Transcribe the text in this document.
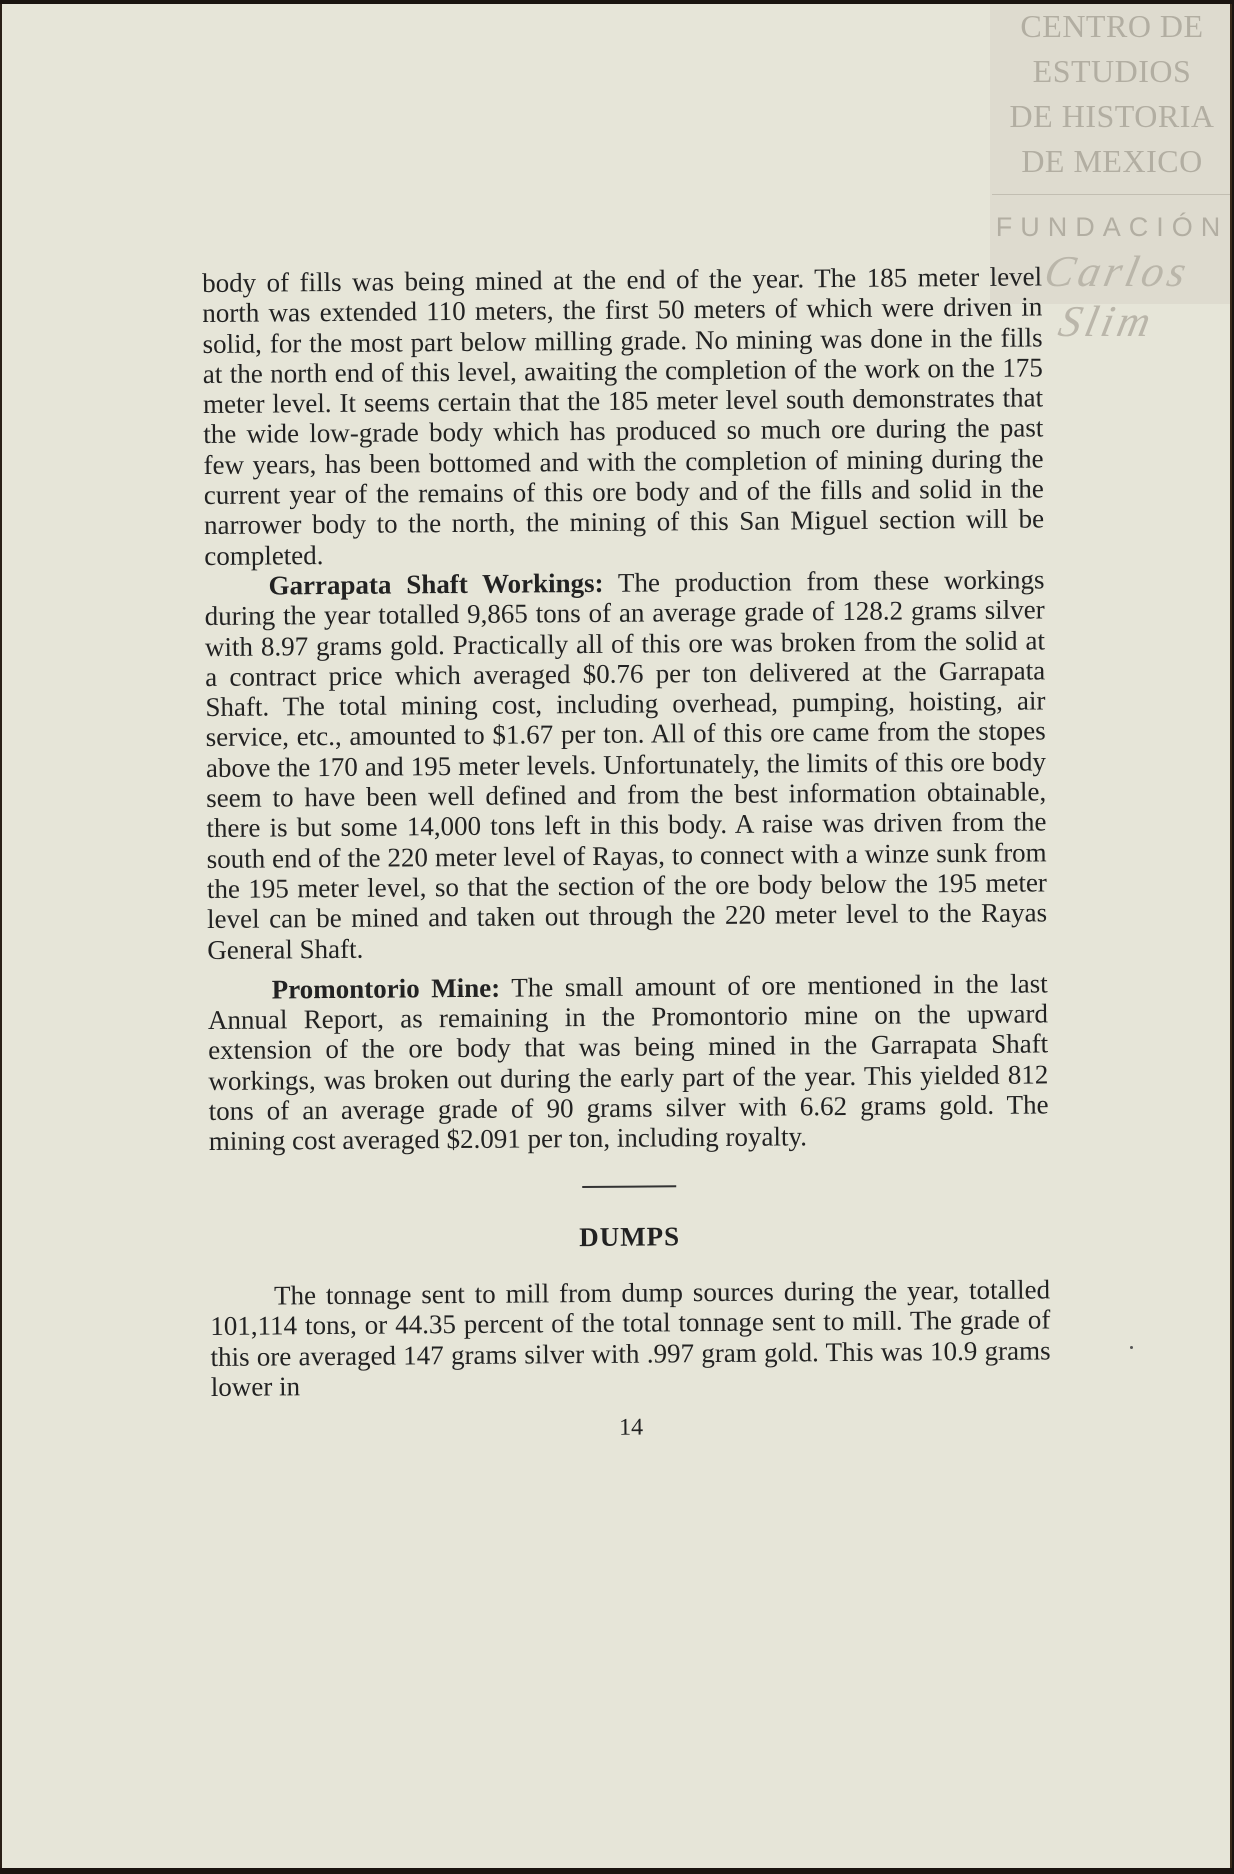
CENTRO DE
ESTUDIOS
DE HISTORIA
DE MEXICO
FUNDACIÓN
Carlos Slim

body of fills was being mined at the end of the year. The 185 meter level north was extended 110 meters, the first 50 meters of which were driven in solid, for the most part below milling grade. No mining was done in the fills at the north end of this level, awaiting the completion of the work on the 175 meter level. It seems certain that the 185 meter level south demonstrates that the wide low-grade body which has produced so much ore during the past few years, has been bottomed and with the completion of mining during the current year of the remains of this ore body and of the fills and solid in the narrower body to the north, the mining of this San Miguel section will be completed.

Garrapata Shaft Workings: The production from these workings during the year totalled 9,865 tons of an average grade of 128.2 grams silver with 8.97 grams gold. Practically all of this ore was broken from the solid at a contract price which averaged $0.76 per ton delivered at the Garrapata Shaft. The total mining cost, including overhead, pumping, hoisting, air service, etc., amounted to $1.67 per ton. All of this ore came from the stopes above the 170 and 195 meter levels. Unfortunately, the limits of this ore body seem to have been well defined and from the best information obtainable, there is but some 14,000 tons left in this body. A raise was driven from the south end of the 220 meter level of Rayas, to connect with a winze sunk from the 195 meter level, so that the section of the ore body below the 195 meter level can be mined and taken out through the 220 meter level to the Rayas General Shaft.

Promontorio Mine: The small amount of ore mentioned in the last Annual Report, as remaining in the Promontorio mine on the upward extension of the ore body that was being mined in the Garrapata Shaft workings, was broken out during the early part of the year. This yielded 812 tons of an average grade of 90 grams silver with 6.62 grams gold. The mining cost averaged $2.091 per ton, including royalty.

DUMPS

The tonnage sent to mill from dump sources during the year, totalled 101,114 tons, or 44.35 percent of the total tonnage sent to mill. The grade of this ore averaged 147 grams silver with .997 gram gold. This was 10.9 grams lower in

14
